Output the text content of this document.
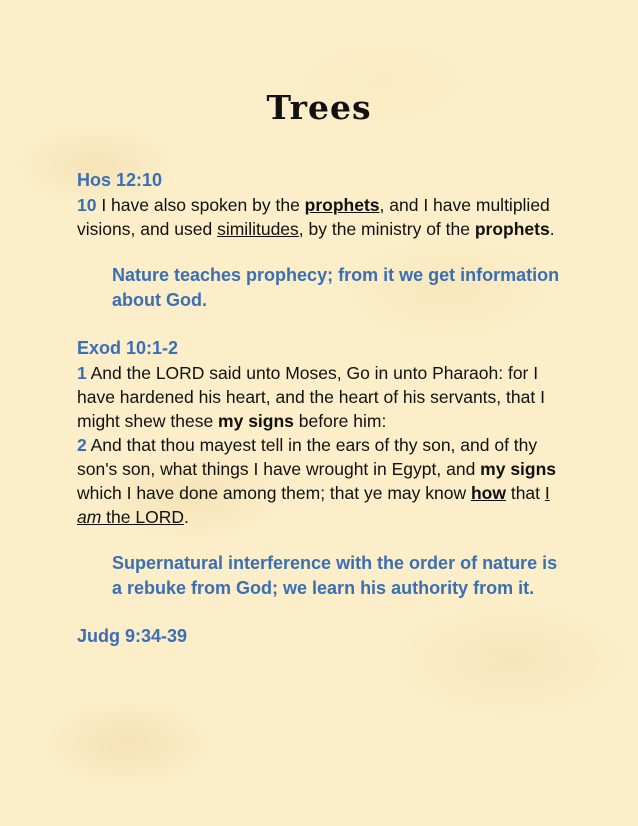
Trees

Hos 12:10

10 I have also spoken by the prophets, and I have multiplied visions, and used similitudes, by the ministry of the prophets.

Nature teaches prophecy; from it we get information about God.

Exod 10:1-2

1 And the LORD said unto Moses, Go in unto Pharaoh: for I have hardened his heart, and the heart of his servants, that I might shew these my signs before him:

2 And that thou mayest tell in the ears of thy son, and of thy son's son, what things I have wrought in Egypt, and my signs which I have done among them; that ye may know how that I am the LORD.

Supernatural interference with the order of nature is a rebuke from God; we learn his authority from it.

Judg 9:34-39
